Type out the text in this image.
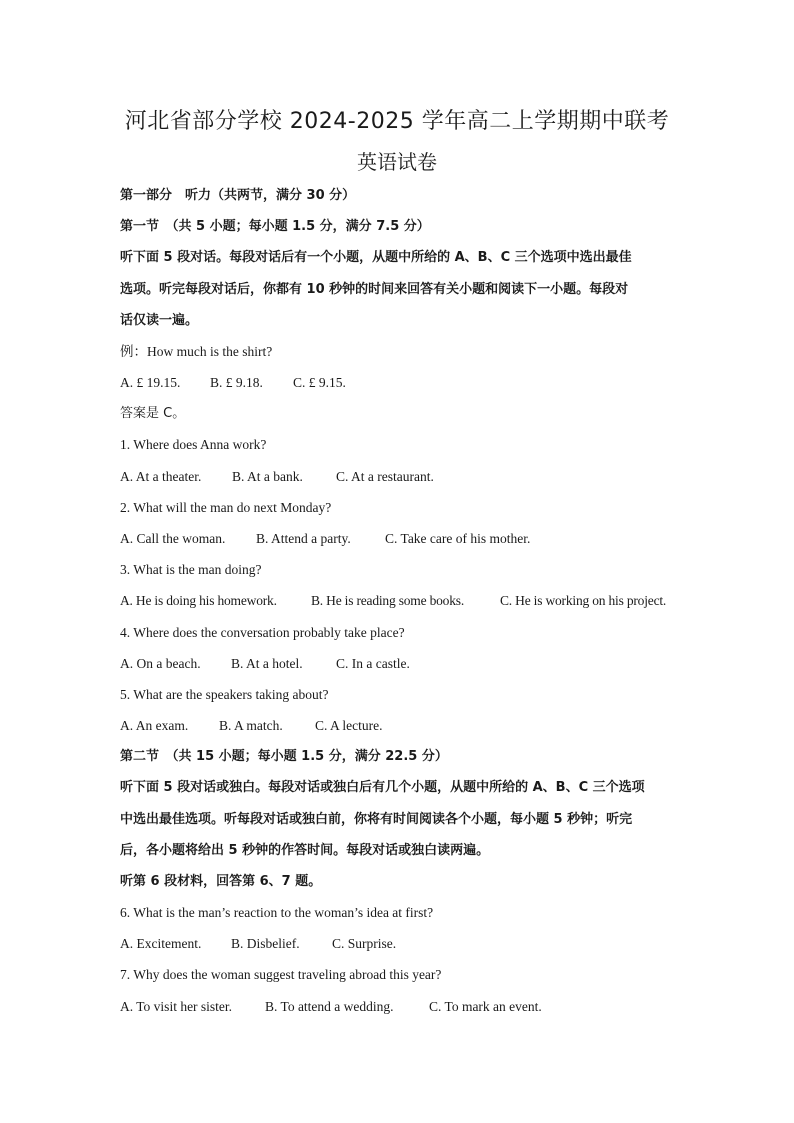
河北省部分学校 2024-2025 学年高二上学期期中联考
英语试卷
第一部分　听力（共两节，满分 30 分）
第一节　（共 5 小题；每小题 1.5 分，满分 7.5 分）
听下面 5 段对话。每段对话后有一个小题，从题中所给的 A、B、C 三个选项中选出最佳
选项。听完每段对话后，你都有 10 秒钟的时间来回答有关小题和阅读下一小题。每段对
话仅读一遍。
例：How much is the shirt?
A. £ 19.15. B. £ 9.18. C. £ 9.15.
答案是 C。
1. Where does Anna work?
A. At a theater. B. At a bank. C. At a restaurant.
2. What will the man do next Monday?
A. Call the woman. B. Attend a party.	C. Take care of his mother.
3. What is the man doing?
A. He is doing his homework.	B. He is reading some books.	C. He is working on his project.
4. Where does the conversation probably take place?
A. On a beach. B. At a hotel. C. In a castle.
5. What are the speakers taking about?
A. An exam. B. A match. C. A lecture.
第二节　（共 15 小题；每小题 1.5 分，满分 22.5 分）
听下面 5 段对话或独白。每段对话或独白后有几个小题，从题中所给的 A、B、C 三个选项
中选出最佳选项。听每段对话或独白前，你将有时间阅读各个小题，每小题 5 秒钟；听完
后，各小题将给出 5 秒钟的作答时间。每段对话或独白读两遍。
听第 6 段材料，回答第 6、7 题。
6. What is the man’s reaction to the woman’s idea at first?
A. Excitement. B. Disbelief. C. Surprise.
7. Why does the woman suggest traveling abroad this year?
A. To visit her sister. B. To attend a wedding.	C. To mark an event.
